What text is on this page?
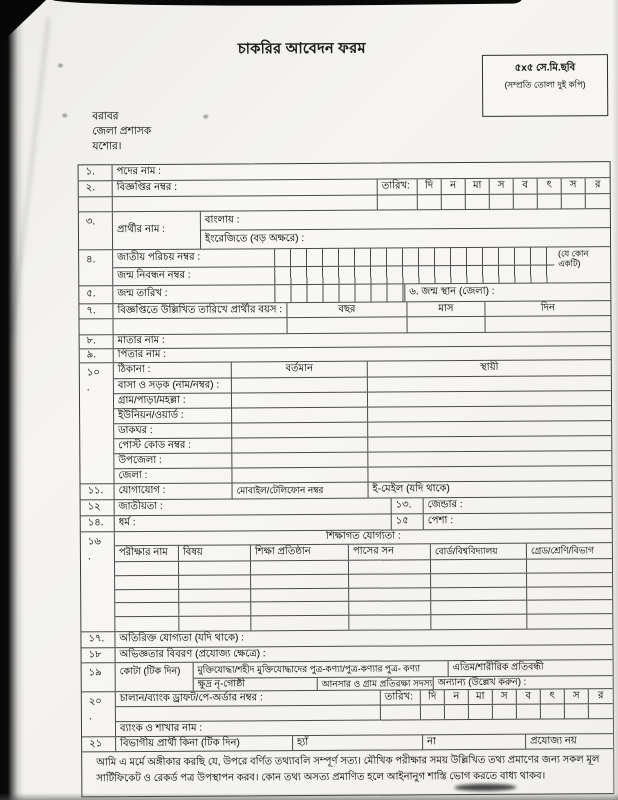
চাকরির আবেদন ফরম
৫x৫ সে.মি.ছবি
(সম্প্রতি তোলা দুই কপি)
বরাবর
জেলা প্রশাসক
যশোর।
১.	পদের নাম :
২.	বিজ্ঞপ্তির নম্বর :	তারিখ:	দি	ন	মা	স	ব	ৎ	স	র
৩.
প্রার্থীর নাম :
বাংলায় :
ইংরেজিতে (বড় অক্ষরে) :
৪.	জাতীয় পরিচয় নম্বর :
জন্ম নিবন্ধন নম্বর :
(যে কোন একটি)
৫.	জন্ম তারিখ :	৬. জন্ম স্থান (জেলা) :
৭.	বিজ্ঞপ্তিতে উল্লিখিত তারিখে প্রার্থীর বয়স :	বছর	মাস	দিন
৮.	মাতার নাম :
৯.	পিতার নাম :
১০
.
ঠিকানা :	বর্তমান	স্থায়ী
বাসা ও সড়ক (নাম/নম্বর) :
গ্রাম/পাড়া/মহল্লা :
ইউনিয়ন/ওয়ার্ড :
ডাকঘর :
পোস্ট কোড নম্বর :
উপজেলা :
জেলা :
১১.	যোগাযোগ :	মোবাইল/টেলিফোন নম্বর	ই-মেইল (যদি থাকে)
১২	জাতীয়তা :	১৩.	জেন্ডার :
১৪.	ধর্ম :	১৫	পেশা :
১৬
.
শিক্ষাগত যোগ্যতা :
পরীক্ষার নাম	বিষয়	শিক্ষা প্রতিষ্ঠান	পাসের সন	বোর্ড/বিশ্ববিদ্যালয়	গ্রেড/শ্রেণি/বিভাগ
১৭.	অতিরিক্ত যোগ্যতা (যদি থাকে) :
১৮	অভিজ্ঞতার বিবরণ (প্রযোজ্য ক্ষেত্রে) :
১৯	কোটা (টিক দিন)	মুক্তিযোদ্ধা/শহীদ মুক্তিযোদ্ধাদের পুত্র-কণ্যা/পুত্র-কণ্যার পুত্র- কণ্যা	এতিম/শারীরিক প্রতিবন্ধী
ক্ষুদ্র নৃ-গোষ্ঠী	আনসার ও গ্রাম প্রতিরক্ষা সদস্য অন্যান্য (উল্লেখ করুন) :
২০
.
চালান/ব্যাংক ড্রাফট/পে-অর্ডার নম্বর :	তারিখ:	দি	ন	মা	স	ব	ৎ	স	র
ব্যাংক ও শাখার নাম :
২১	বিভাগীয় প্রার্থী কিনা (টিক দিন)	হ্যাঁ	না	প্রযোজ্য নয়
আমি এ মর্মে অঙ্গীকার করছি যে, উপরে বর্ণিত তথ্যাবলি সম্পূর্ণ সত্য। মৌখিক পরীক্ষার সময় উল্লিখিত তথ্য প্রমাণের জন্য সকল মূল সার্টিফিকেট ও রেকর্ড পত্র উপস্থাপন করব। কোন তথ্য অসত্য প্রমাণিত হলে আইনানুগ শাস্তি ভোগ করতে বাধ্য থাকব।
